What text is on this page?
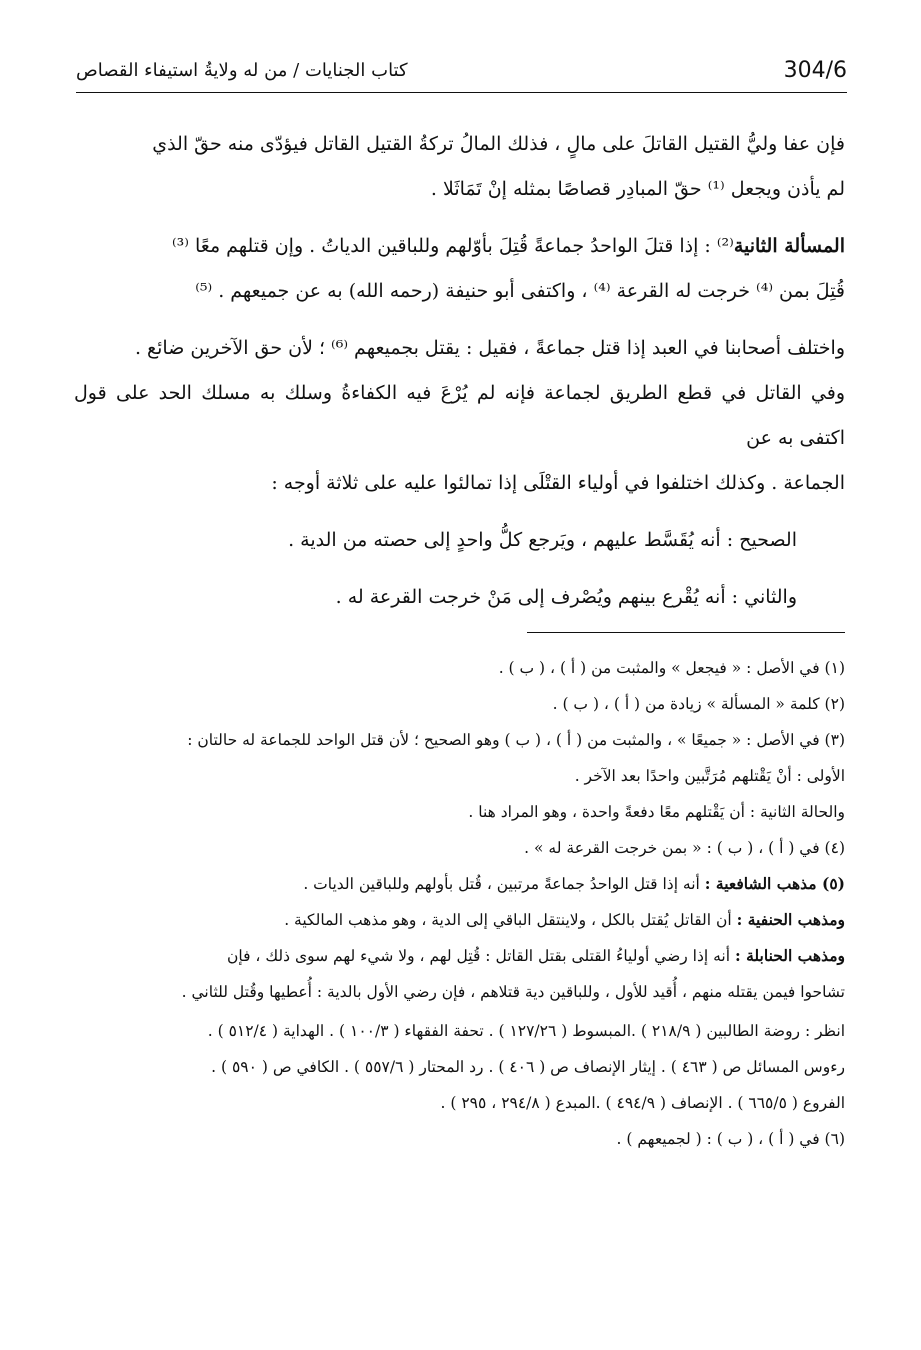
304/6
كتاب الجنايات / من له ولايةُ استيفاء القصاص

فإن عفا وليُّ القتيل القاتلَ على مالٍ ، فذلك المالُ تركةُ القتيل القاتل فيؤدّى منه حقّ الذي
لم يأذن ويجعل ⁽¹⁾ حقّ المبادِر قصاصًا بمثله إنْ تَمَاثَلا .

المسألة الثانية⁽²⁾ : إذا قتلَ الواحدُ جماعةً قُتِلَ بأوّلهم وللباقين الدياتُ . وإن قتلهم معًا ⁽³⁾
قُتِلَ بمن ⁽⁴⁾ خرجت له القرعة ⁽⁴⁾ ، واكتفى أبو حنيفة (رحمه الله) به عن جميعهم . ⁽⁵⁾

واختلف أصحابنا في العبد إذا قتل جماعةً ، فقيل : يقتل بجميعهم ⁽⁶⁾ ؛ لأن حق الآخرين ضائع .
وفي القاتل في قطع الطريق لجماعة فإنه لم يُرْعَ فيه الكفاءةُ وسلك به مسلك الحد على قول اكتفى به عن
الجماعة . وكذلك اختلفوا في أولياء القتْلَى إذا تمالئوا عليه على ثلاثة أوجه :

الصحيح : أنه يُقَسَّط عليهم ، ويَرجع كلُّ واحدٍ إلى حصته من الدية .

والثاني : أنه يُقْرع بينهم ويُصْرف إلى مَنْ خرجت القرعة له .

(١) في الأصل : « فيجعل » والمثبت من ( أ ) ، ( ب ) .

(٢) كلمة « المسألة » زيادة من ( أ ) ، ( ب ) .

(٣) في الأصل : « جميعًا » ، والمثبت من ( أ ) ، ( ب ) وهو الصحيح ؛ لأن قتل الواحد للجماعة له حالتان :

الأولى : أنْ يَقْتلهم مُرَتَّبين واحدًا بعد الآخر .

والحالة الثانية : أن يَقْتلهم معًا دفعةً واحدة ، وهو المراد هنا .

(٤) في ( أ ) ، ( ب ) : « بمن خرجت القرعة له » .

(٥) مذهب الشافعية : أنه إذا قتل الواحدُ جماعةً مرتبين ، قُتل بأولهم وللباقين الديات .

ومذهب الحنفية : أن القاتل يُقتل بالكل ، ولاينتقل الباقي إلى الدية ، وهو مذهب المالكية .

ومذهب الحنابلة : أنه إذا رضي أولياءُ القتلى بقتل القاتل : قُتِل لهم ، ولا شيء لهم سوى ذلك ، فإن

تشاحوا فيمن يقتله منهم ، أُقيد للأول ، وللباقين دية قتلاهم ، فإن رضي الأول بالدية : أُعطيها وقُتل للثاني .

انظر : روضة الطالبين ( ٢١٨/٩ ) .المبسوط ( ١٢٧/٢٦ ) . تحفة الفقهاء ( ١٠٠/٣ ) . الهداية ( ٥١٢/٤ ) .

رءوس المسائل ص ( ٤٦٣ ) . إيثار الإنصاف ص ( ٤٠٦ ) . رد المحتار ( ٥٥٧/٦ ) . الكافي ص ( ٥٩٠ ) .

الفروع ( ٦٦٥/٥ ) . الإنصاف ( ٤٩٤/٩ ) .المبدع ( ٢٩٤/٨ ، ٢٩٥ ) .

(٦) في ( أ ) ، ( ب ) : ( لجميعهم ) .
